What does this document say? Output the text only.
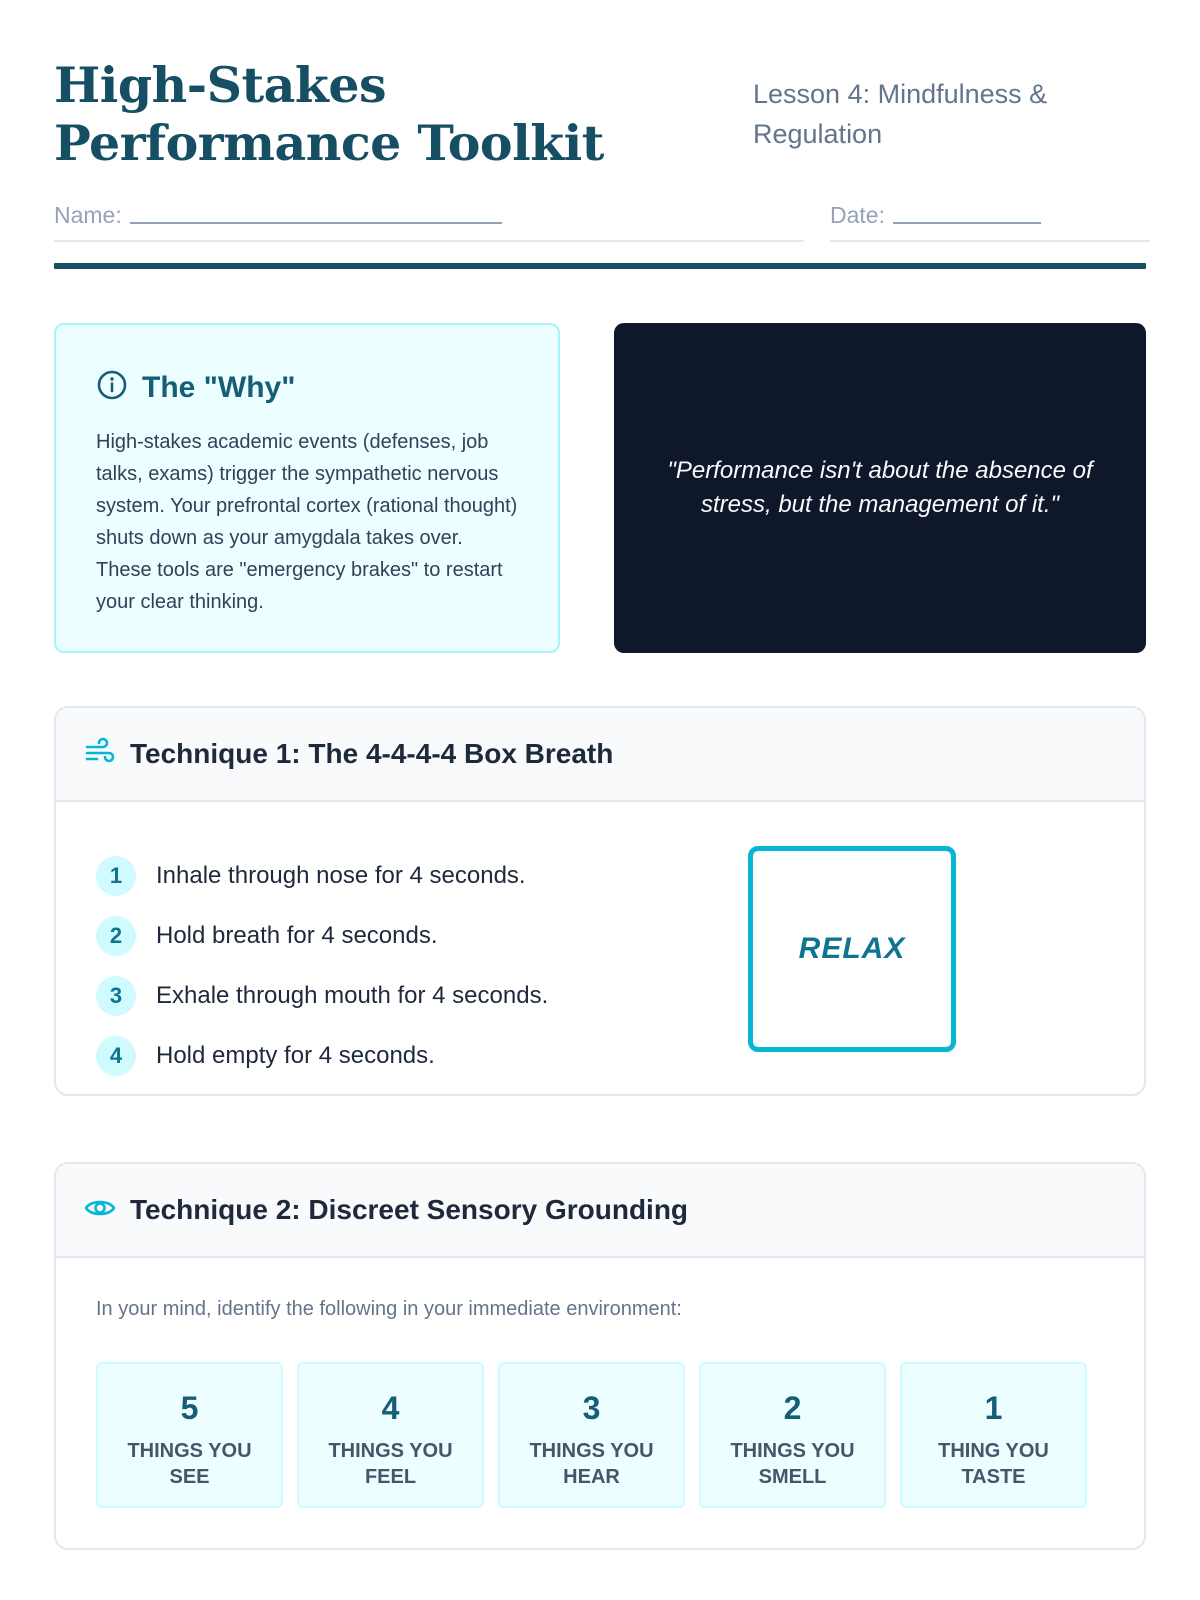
High-Stakes Performance Toolkit
Lesson 4: Mindfulness & Regulation
Name:	Date:
The "Why"

High-stakes academic events (defenses, job talks, exams) trigger the sympathetic nervous system. Your prefrontal cortex (rational thought) shuts down as your amygdala takes over. These tools are "emergency brakes" to restart your clear thinking.

"Performance isn't about the absence of stress, but the management of it."

Technique 1: The 4-4-4-4 Box Breath
1	Inhale through nose for 4 seconds.
2	Hold breath for 4 seconds.
3	Exhale through mouth for 4 seconds.
4	Hold empty for 4 seconds.
RELAX
Technique 2: Discreet Sensory Grounding

In your mind, identify the following in your immediate environment:

5
THINGS YOU SEE
4
THINGS YOU FEEL
3
THINGS YOU HEAR
2
THINGS YOU SMELL
1
THING YOU TASTE
